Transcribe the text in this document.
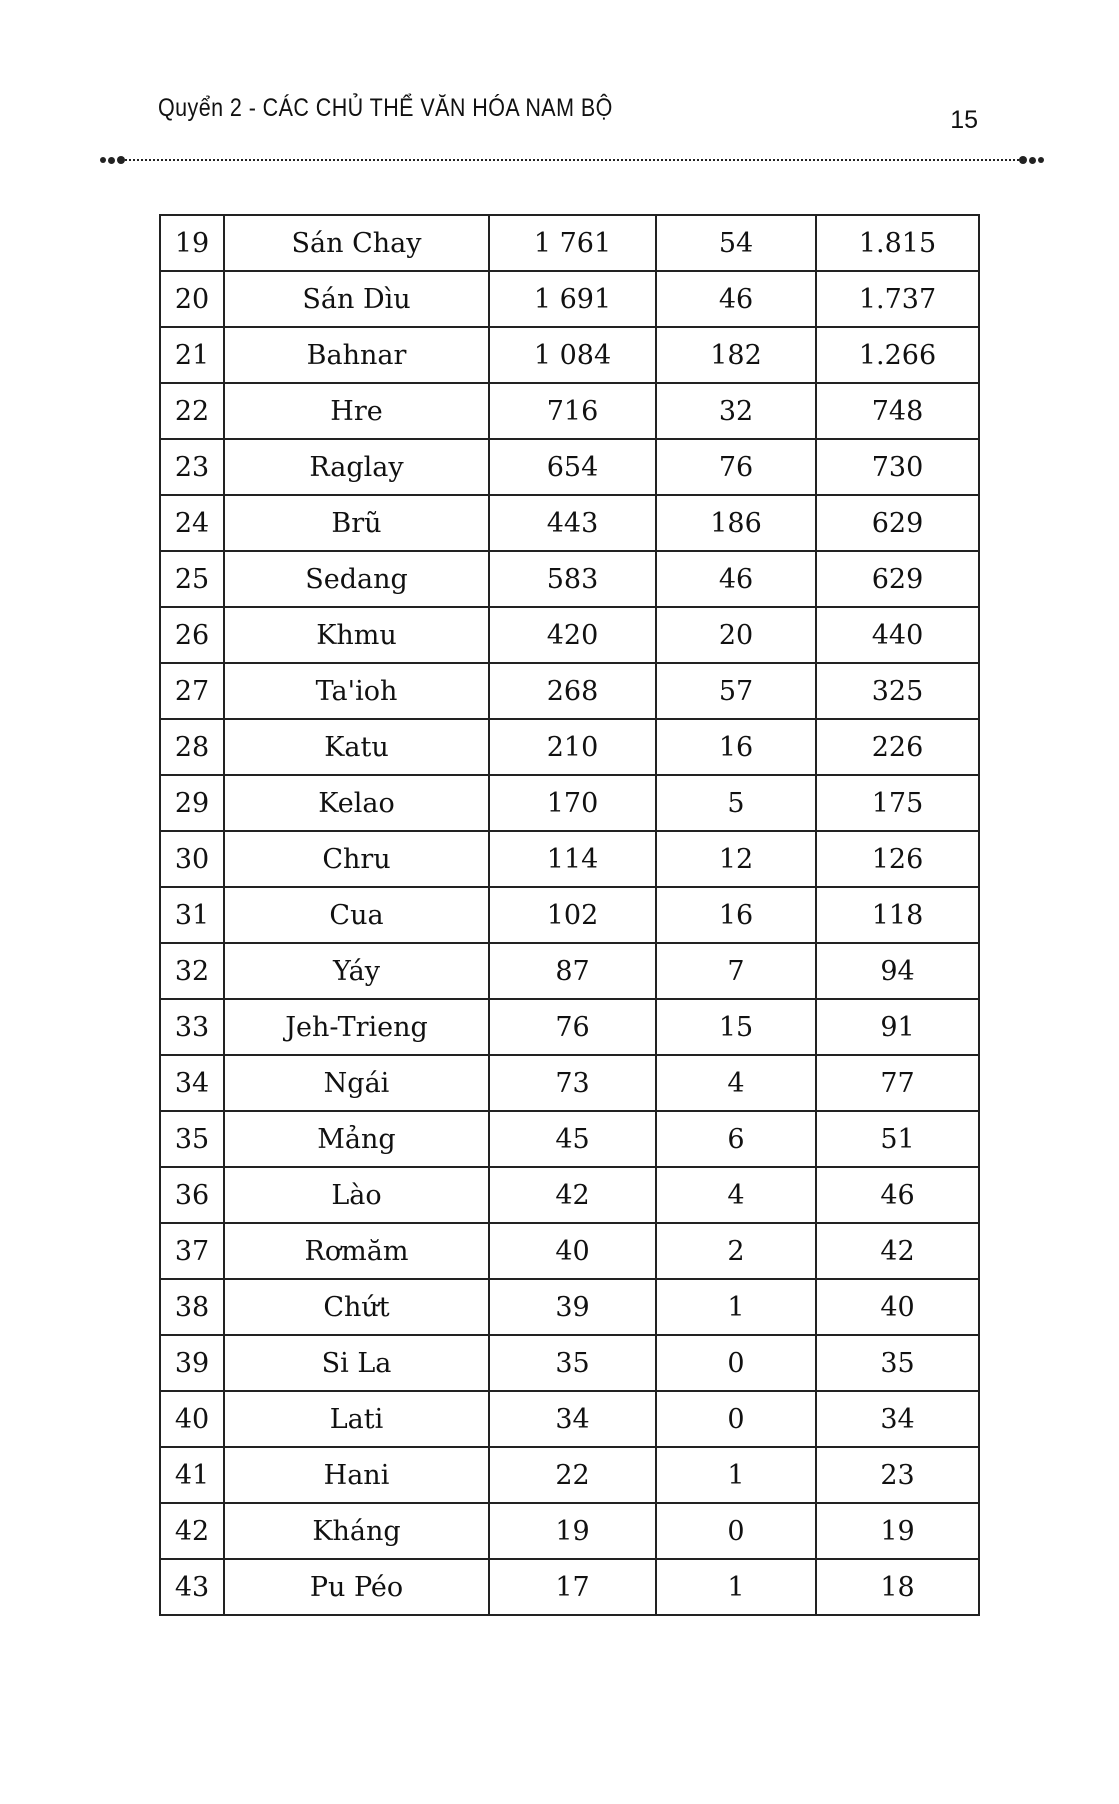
Quyển 2 - CÁC CHỦ THỂ VĂN HÓA NAM BỘ	15
19	Sán Chay	1 761	54	1.815
20	Sán Dìu	1 691	46	1.737
21	Bahnar	1 084	182	1.266
22	Hre	716	32	748
23	Raglay	654	76	730
24	Brũ	443	186	629
25	Sedang	583	46	629
26	Khmu	420	20	440
27	Ta'ioh	268	57	325
28	Katu	210	16	226
29	Kelao	170	5	175
30	Chru	114	12	126
31	Cua	102	16	118
32	Yáy	87	7	94
33	Jeh-Trieng	76	15	91
34	Ngái	73	4	77
35	Mảng	45	6	51
36	Lào	42	4	46
37	Rơmăm	40	2	42
38	Chứt	39	1	40
39	Si La	35	0	35
40	Lati	34	0	34
41	Hani	22	1	23
42	Kháng	19	0	19
43	Pu Péo	17	1	18
